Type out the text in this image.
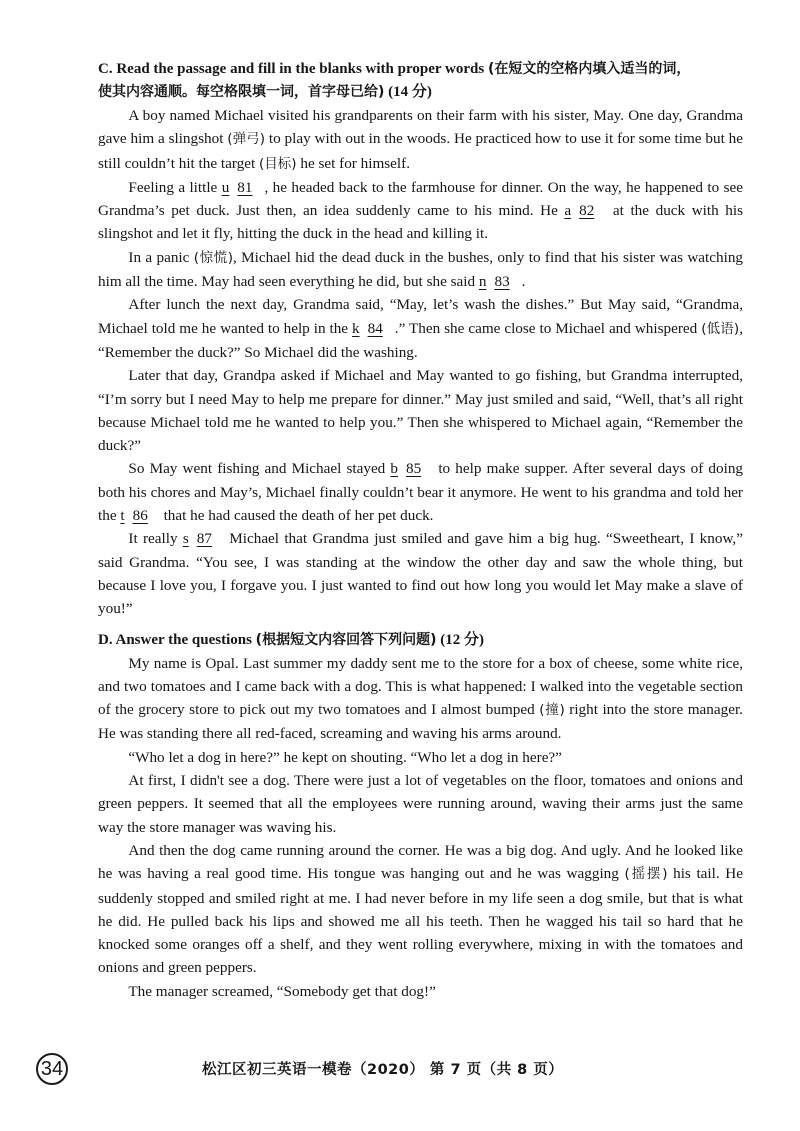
C. Read the passage and fill in the blanks with proper words (在短文的空格内填入适当的词，
使其内容通顺。每空格限填一词，首字母已给) (14 分)

A boy named Michael visited his grandparents on their farm with his sister, May. One day, Grandma gave him a slingshot (弹弓) to play with out in the woods. He practiced how to use it for some time but he still couldn’t hit the target (目标) he set for himself.

Feeling a little u 81 , he headed back to the farmhouse for dinner. On the way, he happened to see Grandma’s pet duck. Just then, an idea suddenly came to his mind. He a 82 at the duck with his slingshot and let it fly, hitting the duck in the head and killing it.

In a panic (惊慌), Michael hid the dead duck in the bushes, only to find that his sister was watching him all the time. May had seen everything he did, but she said n 83 .

After lunch the next day, Grandma said, “May, let’s wash the dishes.” But May said, “Grandma, Michael told me he wanted to help in the k 84 .” Then she came close to Michael and whispered (低语), “Remember the duck?” So Michael did the washing.

Later that day, Grandpa asked if Michael and May wanted to go fishing, but Grandma interrupted, “I’m sorry but I need May to help me prepare for dinner.” May just smiled and said, “Well, that’s all right because Michael told me he wanted to help you.” Then she whispered to Michael again, “Remember the duck?”

So May went fishing and Michael stayed b 85 to help make supper. After several days of doing both his chores and May’s, Michael finally couldn’t bear it anymore. He went to his grandma and told her the t 86 that he had caused the death of her pet duck.

It really s 87 Michael that Grandma just smiled and gave him a big hug. “Sweetheart, I know,” said Grandma. “You see, I was standing at the window the other day and saw the whole thing, but because I love you, I forgave you. I just wanted to find out how long you would let May make a slave of you!”

D. Answer the questions (根据短文内容回答下列问题) (12 分)

My name is Opal. Last summer my daddy sent me to the store for a box of cheese, some white rice, and two tomatoes and I came back with a dog. This is what happened: I walked into the vegetable section of the grocery store to pick out my two tomatoes and I almost bumped (撞) right into the store manager. He was standing there all red-faced, screaming and waving his arms around.

“Who let a dog in here?” he kept on shouting. “Who let a dog in here?”

At first, I didn't see a dog. There were just a lot of vegetables on the floor, tomatoes and onions and green peppers. It seemed that all the employees were running around, waving their arms just the same way the store manager was waving his.

And then the dog came running around the corner. He was a big dog. And ugly. And he looked like he was having a real good time. His tongue was hanging out and he was wagging (摇摆) his tail. He suddenly stopped and smiled right at me. I had never before in my life seen a dog smile, but that is what he did. He pulled back his lips and showed me all his teeth. Then he wagged his tail so hard that he knocked some oranges off a shelf, and they went rolling everywhere, mixing in with the tomatoes and onions and green peppers.

The manager screamed, “Somebody get that dog!”

34	松江区初三英语一模卷（2020） 第 7 页（共 8 页）
